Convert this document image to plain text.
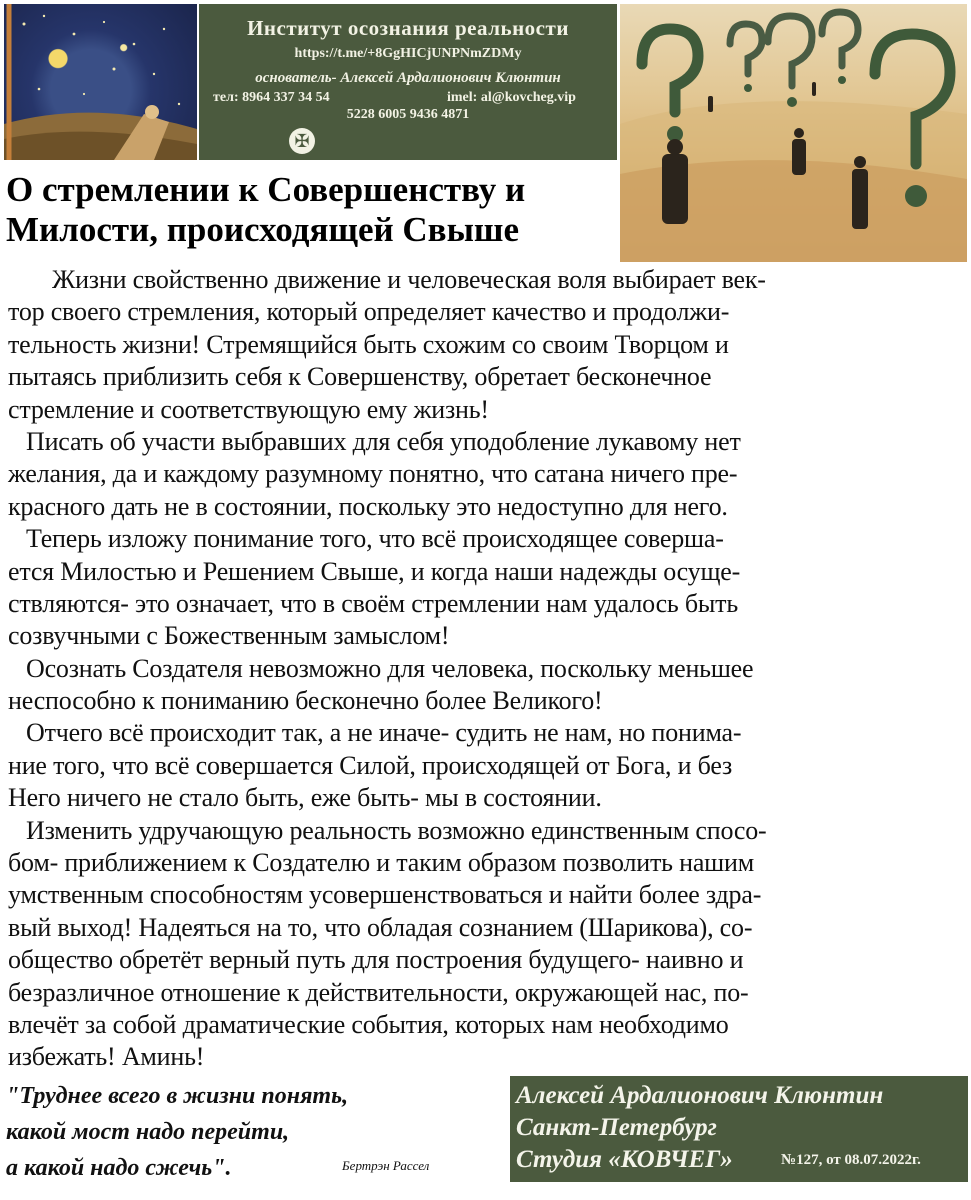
Институт осознания реальности
https://t.me/+8GgHICjUNPNmZDMy
основатель- Алексей Ардалионович Клюнтин
тел: 8964 337 34 54	imel: al@kovcheg.vip
5228 6005 9436 4871
✠
О стремлении к Совершенству и
Милости, происходящей Свыше
Жизни свойственно движение и человеческая воля выбирает век-
тор своего стремления, который определяет качество и продолжи-
тельность жизни! Стремящийся быть схожим со своим Творцом и
пытаясь приблизить себя к Совершенству, обретает бесконечное
стремление и соответствующую ему жизнь!
Писать об участи выбравших для себя уподобление лукавому нет
желания, да и каждому разумному понятно, что сатана ничего пре-
красного дать не в состоянии, поскольку это недоступно для него.
Теперь изложу понимание того, что всё происходящее соверша-
ется Милостью и Решением Свыше, и когда наши надежды осуще-
ствляются- это означает, что в своём стремлении нам удалось быть
созвучными с Божественным замыслом!
Осознать Создателя невозможно для человека, поскольку меньшее
неспособно к пониманию бесконечно более Великого!
Отчего всё происходит так, а не иначе- судить не нам, но понима-
ние того, что всё совершается Силой, происходящей от Бога, и без
Него ничего не стало быть, еже быть- мы в состоянии.
Изменить удручающую реальность возможно единственным спосо-
бом- приближением к Создателю и таким образом позволить нашим
умственным способностям усовершенствоваться и найти более здра-
вый выход! Надеяться на то, что обладая сознанием (Шарикова), со-
общество обретёт верный путь для построения будущего- наивно и
безразличное отношение к действительности, окружающей нас, по-
влечёт за собой драматические события, которых нам необходимо
избежать! Аминь!
"Труднее всего в жизни понять,
какой мост надо перейти,
а какой надо сжечь".	Бертрэн Рассел
Алексей Ардалионович Клюнтин
Санкт-Петербург
Студия «КОВЧЕГ»	№127, от 08.07.2022г.
